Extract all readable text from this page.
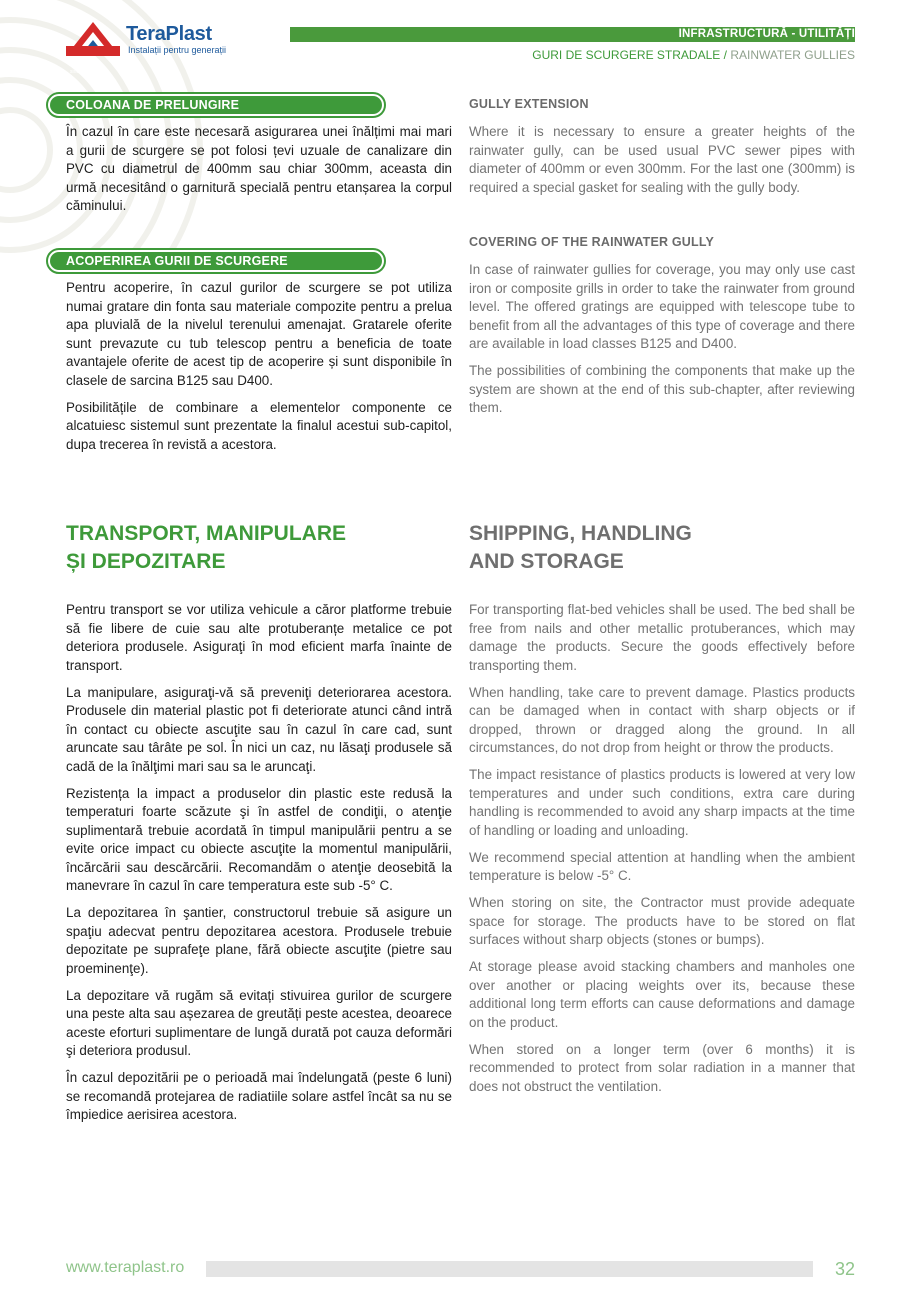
since 1896
TeraPlast
Instalații pentru generații
INFRASTRUCTURĂ - UTILITĂȚI
GURI DE SCURGERE STRADALE / RAINWATER GULLIES
COLOANA DE PRELUNGIRE	GULLY EXTENSION

În cazul în care este necesară asigurarea unei înălțimi mai mari a gurii de scurgere se pot folosi țevi uzuale de canalizare din PVC cu diametrul de 400mm sau chiar 300mm, aceasta din urmă necesitând o garnitură specială pentru etanșarea la corpul căminului.

Where it is necessary to ensure a greater heights of the rainwater gully, can be used usual PVC sewer pipes with diameter of 400mm or even 300mm. For the last one (300mm) is required a special gasket for sealing with the gully body.

ACOPERIREA GURII DE SCURGERE
COVERING OF THE RAINWATER GULLY

Pentru acoperire, în cazul gurilor de scurgere se pot utiliza numai gratare din fonta sau materiale compozite pentru a prelua apa pluvială de la nivelul terenului amenajat. Gratarele oferite sunt prevazute cu tub telescop pentru a beneficia de toate avantajele oferite de acest tip de acoperire și sunt disponibile în clasele de sarcina B125 sau D400.

Posibilitățile de combinare a elementelor componente ce alcatuiesc sistemul sunt prezentate la finalul acestui sub-capitol, dupa trecerea în revistă a acestora.

In case of rainwater gullies for coverage, you may only use cast iron or composite grills in order to take the rainwater from ground level. The offered gratings are equipped with telescope tube to benefit from all the advantages of this type of coverage and there are available in load classes B125 and D400.

The possibilities of combining the components that make up the system are shown at the end of this sub-chapter, after reviewing them.

TRANSPORT, MANIPULARE
ȘI DEPOZITARE
SHIPPING, HANDLING
AND STORAGE

Pentru transport se vor utiliza vehicule a căror platforme trebuie să fie libere de cuie sau alte protuberanțe metalice ce pot deteriora produsele. Asiguraţi în mod eficient marfa înainte de transport.

La manipulare, asiguraţi-vă să preveniţi deteriorarea acestora. Produsele din material plastic pot fi deteriorate atunci când intră în contact cu obiecte ascuţite sau în cazul în care cad, sunt aruncate sau târâte pe sol. În nici un caz, nu lăsaţi produsele să cadă de la înălţimi mari sau sa le aruncaţi.

Rezistența la impact a produselor din plastic este redusă la temperaturi foarte scăzute şi în astfel de condiţii, o atenţie suplimentară trebuie acordată în timpul manipulării pentru a se evite orice impact cu obiecte ascuţite la momentul manipulării, încărcării sau descărcării. Recomandăm o atenţie deosebită la manevrare în cazul în care temperatura este sub -5° C.

La depozitarea în şantier, constructorul trebuie să asigure un spaţiu adecvat pentru depozitarea acestora. Produsele trebuie depozitate pe suprafeţe plane, fără obiecte ascuţite (pietre sau proeminenţe).

La depozitare vă rugăm să evitați stivuirea gurilor de scurgere una peste alta sau așezarea de greutăți peste acestea, deoarece aceste eforturi suplimentare de lungă durată pot cauza deformări şi deteriora produsul.

În cazul depozitării pe o perioadă mai îndelungată (peste 6 luni) se recomandă protejarea de radiatiile solare astfel încât sa nu se împiedice aerisirea acestora.

For transporting flat-bed vehicles shall be used. The bed shall be free from nails and other metallic protuberances, which may damage the products. Secure the goods effectively before transporting them.

When handling, take care to prevent damage. Plastics products can be damaged when in contact with sharp objects or if dropped, thrown or dragged along the ground. In all circumstances, do not drop from height or throw the products.

The impact resistance of plastics products is lowered at very low temperatures and under such conditions, extra care during handling is recommended to avoid any sharp impacts at the time of handling or loading and unloading.

We recommend special attention at handling when the ambient temperature is below -5° C.

When storing on site, the Contractor must provide adequate space for storage. The products have to be stored on flat surfaces without sharp objects (stones or bumps).

At storage please avoid stacking chambers and manholes one over another or placing weights over its, because these additional long term efforts can cause deformations and damage on the product.

When stored on a longer term (over 6 months) it is recommended to protect from solar radiation in a manner that does not obstruct the ventilation.

www.teraplast.ro	32
